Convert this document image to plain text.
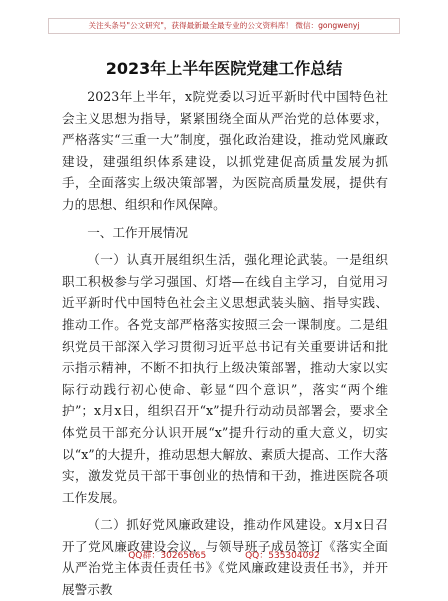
关注头条号"公文研究"，获得最新最全最专业的公文资料库！ 微信：gongwenyj
2023年上半年医院党建工作总结

2023年上半年，x院党委以习近平新时代中国特色社会主义思想为指导，紧紧围绕全面从严治党的总体要求，严格落实“三重一大”制度，强化政治建设，推动党风廉政建设，建强组织体系建设，以抓党建促高质量发展为抓手，全面落实上级决策部署，为医院高质量发展，提供有力的思想、组织和作风保障。

一、工作开展情况

（一）认真开展组织生活，强化理论武装。一是组织职工积极参与学习强国、灯塔—在线自主学习，自觉用习近平新时代中国特色社会主义思想武装头脑、指导实践、推动工作。各党支部严格落实按照三会一课制度。二是组织党员干部深入学习贯彻习近平总书记有关重要讲话和批示指示精神，不断不扣执行上级决策部署，推动大家以实际行动践行初心使命、彰显“四个意识”，落实“两个维护”；x月x日，组织召开“x”提升行动动员部署会，要求全体党员干部充分认识开展“x”提升行动的重大意义，切实以“x”的大提升，推动思想大解放、素质大提高、工作大落实，激发党员干部干事创业的热情和干劲，推进医院各项工作发展。

（二）抓好党风廉政建设，推动作风建设。x月x日召开了党风廉政建设会议，与领导班子成员签订《落实全面从严治党主体责任责任书》《党风廉政建设责任书》，并开展警示教

QQ群：30265665	QQ：535304092
